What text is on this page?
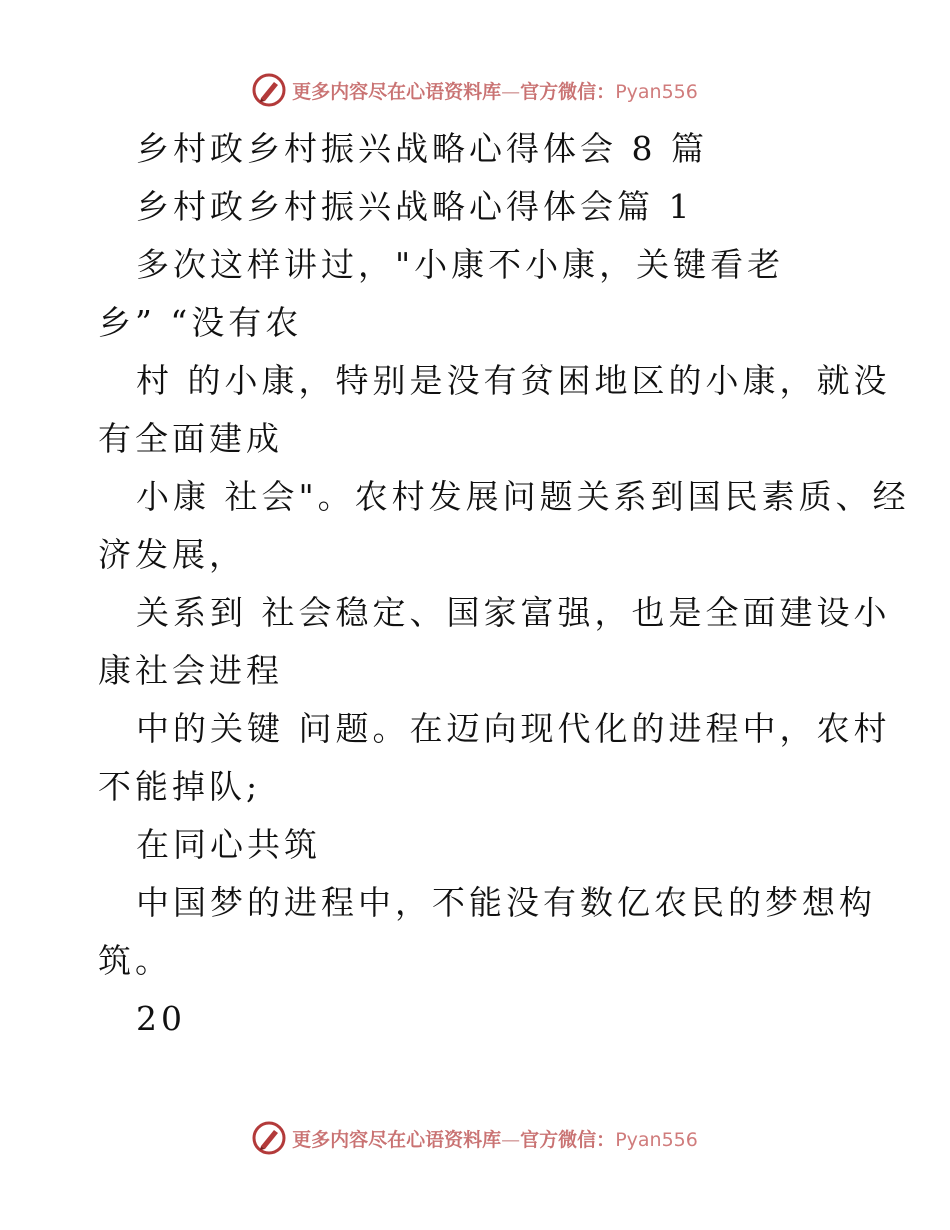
更多内容尽在心语资料库—官方微信：Pyan556
乡村政乡村振兴战略心得体会 8 篇
乡村政乡村振兴战略心得体会篇 1
多次这样讲过，"小康不小康，关键看老
乡” “没有农
村 的小康，特别是没有贫困地区的小康，就没
有全面建成
小康 社会"。农村发展问题关系到国民素质、经
济发展，
关系到 社会稳定、国家富强，也是全面建设小
康社会进程
中的关键 问题。在迈向现代化的进程中，农村
不能掉队;
在同心共筑
中国梦的进程中，不能没有数亿农民的梦想构
筑。
20
更多内容尽在心语资料库—官方微信：Pyan556
